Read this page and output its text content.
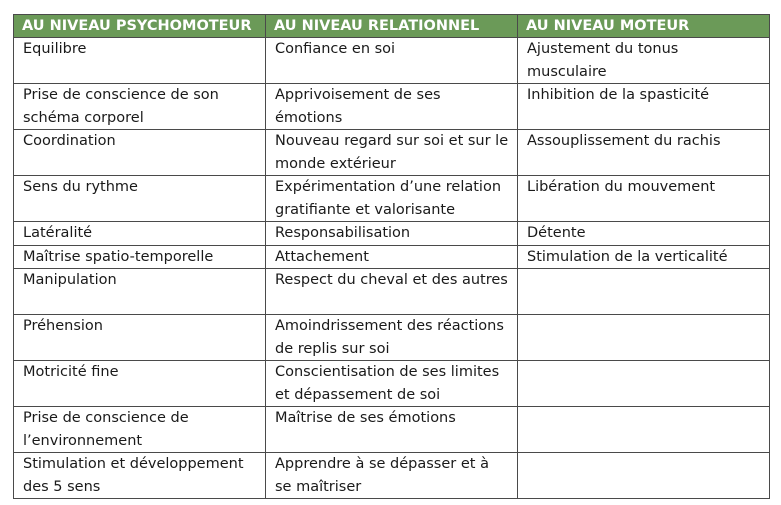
AU NIVEAU PSYCHOMOTEUR	AU NIVEAU RELATIONNEL	AU NIVEAU MOTEUR
Equilibre	Confiance en soi	Ajustement du tonus musculaire
Prise de conscience de son schéma corporel	Apprivoisement de ses émotions	Inhibition de la spasticité
Coordination	Nouveau regard sur soi et sur le monde extérieur	Assouplissement du rachis
Sens du rythme	Expérimentation d’une relation gratifiante et valorisante	Libération du mouvement
Latéralité	Responsabilisation	Détente
Maîtrise spatio-temporelle	Attachement	Stimulation de la verticalité
Manipulation	Respect du cheval et des autres	
Préhension	Amoindrissement des réactions de replis sur soi	
Motricité fine	Conscientisation de ses limites et dépassement de soi	
Prise de conscience de l’environnement	Maîtrise de ses émotions	
Stimulation et développement des 5 sens	Apprendre à se dépasser et à se maîtriser	
